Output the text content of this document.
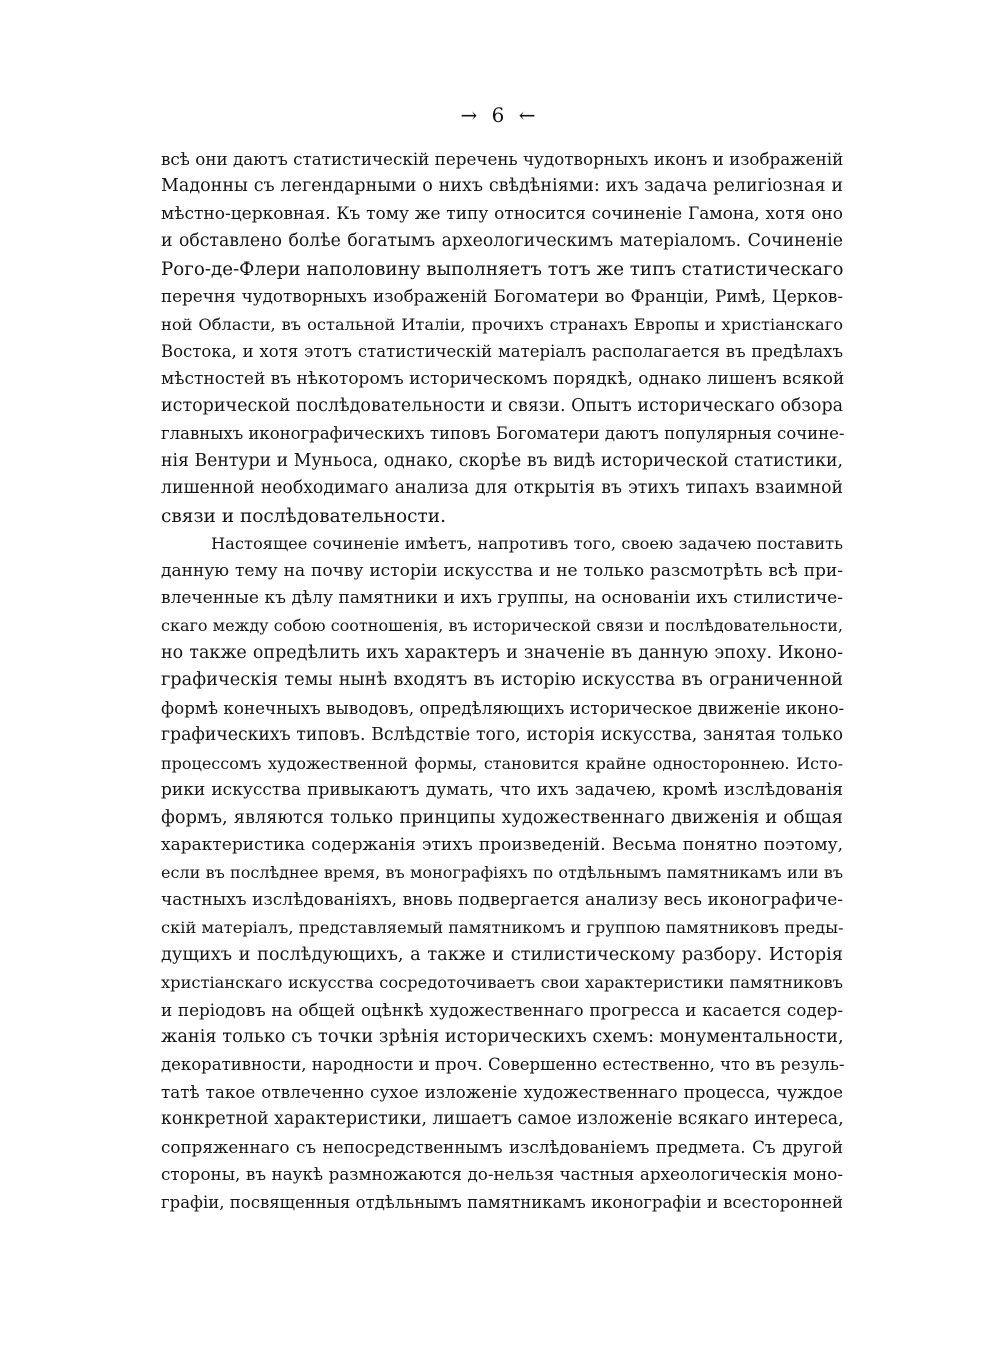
→ 6 ←
всѣ они даютъ статистическій перечень чудотворныхъ иконъ и изображеній
Мадонны съ легендарными о нихъ свѣдѣніями: ихъ задача религіозная и
мѣстно-церковная. Къ тому же типу относится сочиненіе Гамона, хотя оно
и обставлено болѣе богатымъ археологическимъ матеріаломъ. Сочиненіе
Рого-де-Флери наполовину выполняетъ тотъ же типъ статистическаго
перечня чудотворныхъ изображеній Богоматери во Франціи, Римѣ, Церков-
ной Области, въ остальной Италіи, прочихъ странахъ Европы и христіанскаго
Востока, и хотя этотъ статистическій матеріалъ располагается въ предѣлахъ
мѣстностей въ нѣкоторомъ историческомъ порядкѣ, однако лишенъ всякой
исторической послѣдовательности и связи. Опытъ историческаго обзора
главныхъ иконографическихъ типовъ Богоматери даютъ популярныя сочине-
нія Вентури и Муньоса, однако, скорѣе въ видѣ исторической статистики,
лишенной необходимаго анализа для открытія въ этихъ типахъ взаимной
связи и послѣдовательности.
Настоящее сочиненіе имѣетъ, напротивъ того, своею задачею поставить
данную тему на почву исторіи искусства и не только разсмотрѣть всѣ при-
влеченные къ дѣлу памятники и ихъ группы, на основаніи ихъ стилистиче-
скаго между собою соотношенія, въ исторической связи и послѣдовательности,
но также опредѣлить ихъ характеръ и значеніе въ данную эпоху. Иконо-
графическія темы нынѣ входятъ въ исторію искусства въ ограниченной
формѣ конечныхъ выводовъ, опредѣляющихъ историческое движеніе иконо-
графическихъ типовъ. Вслѣдствіе того, исторія искусства, занятая только
процессомъ художественной формы, становится крайне одностороннею. Исто-
рики искусства привыкаютъ думать, что ихъ задачею, кромѣ изслѣдованія
формъ, являются только принципы художественнаго движенія и общая
характеристика содержанія этихъ произведеній. Весьма понятно поэтому,
если въ послѣднее время, въ монографіяхъ по отдѣльнымъ памятникамъ или въ
частныхъ изслѣдованіяхъ, вновь подвергается анализу весь иконографиче-
скій матеріалъ, представляемый памятникомъ и группою памятниковъ преды-
дущихъ и послѣдующихъ, а также и стилистическому разбору. Исторія
христіанскаго искусства сосредоточиваетъ свои характеристики памятниковъ
и періодовъ на общей оцѣнкѣ художественнаго прогресса и касается содер-
жанія только съ точки зрѣнія историческихъ схемъ: монументальности,
декоративности, народности и проч. Совершенно естественно, что въ резуль-
татѣ такое отвлеченно сухое изложеніе художественнаго процесса, чуждое
конкретной характеристики, лишаетъ самое изложеніе всякаго интереса,
сопряженнаго съ непосредственнымъ изслѣдованіемъ предмета. Съ другой
стороны, въ наукѣ размножаются до-нельзя частныя археологическія моно-
графіи, посвященныя отдѣльнымъ памятникамъ иконографіи и всесторонней
